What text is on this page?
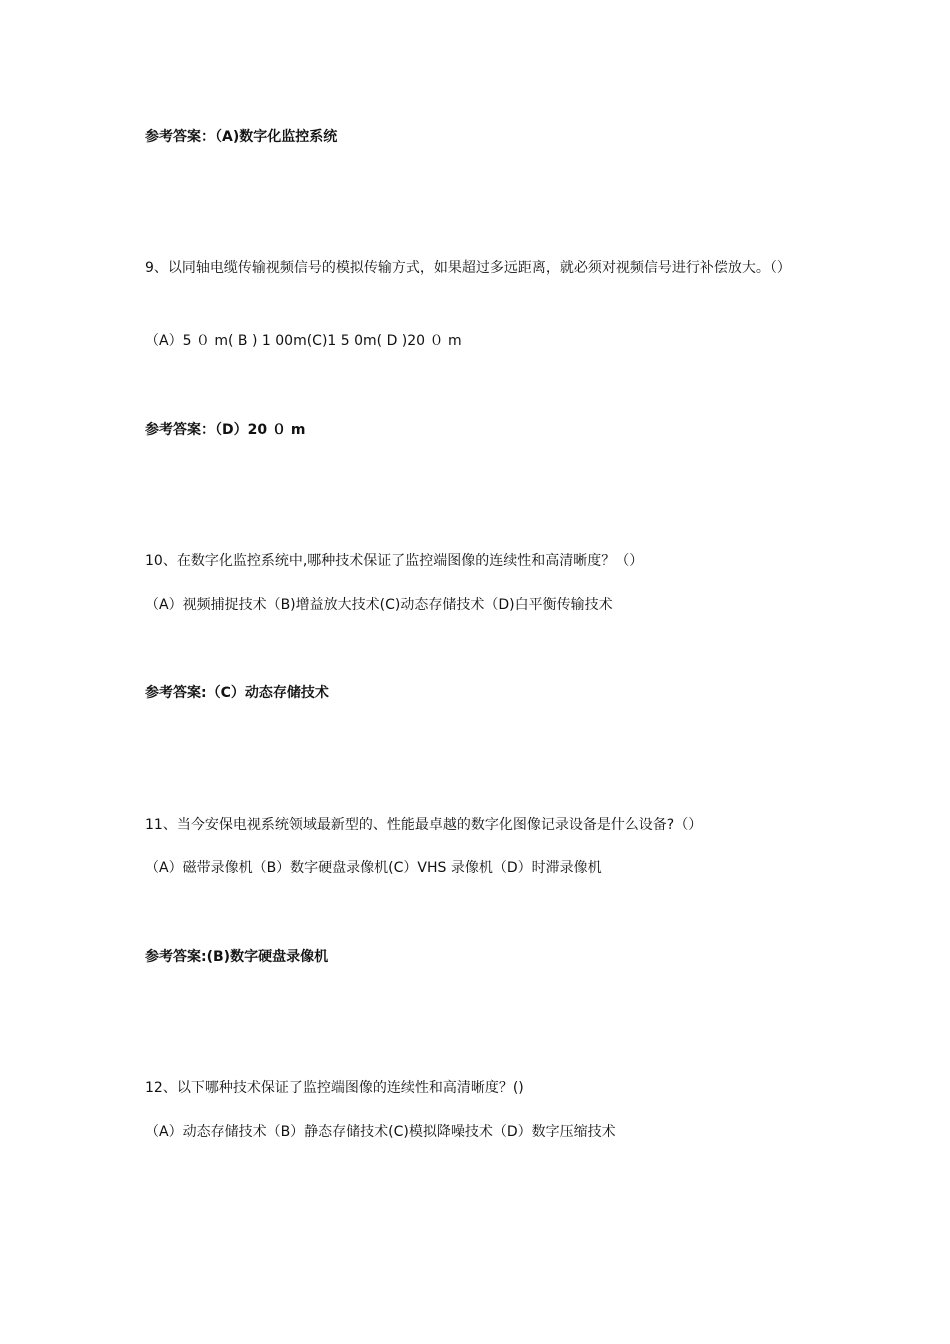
参考答案：（A)数字化监控系统
9、以同轴电缆传输视频信号的模拟传输方式，如果超过多远距离，就必须对视频信号进行补偿放大。（）
（A）5 ０ m( B ) 1 00m(C)1 5 0m( D )20 ０ m
参考答案：（D）20 ０ m
10、在数字化监控系统中,哪种技术保证了监控端图像的连续性和高清晰度？（）
（A）视频捕捉技术（B)增益放大技术(C)动态存储技术（D)白平衡传输技术
参考答案:（C）动态存储技术
11、当今安保电视系统领域最新型的、性能最卓越的数字化图像记录设备是什么设备?（）
（A）磁带录像机（B）数字硬盘录像机(C）VHS 录像机（D）时滞录像机
参考答案:(B)数字硬盘录像机
12、以下哪种技术保证了监控端图像的连续性和高清晰度？()
（A）动态存储技术（B）静态存储技术(C)模拟降噪技术（D）数字压缩技术
